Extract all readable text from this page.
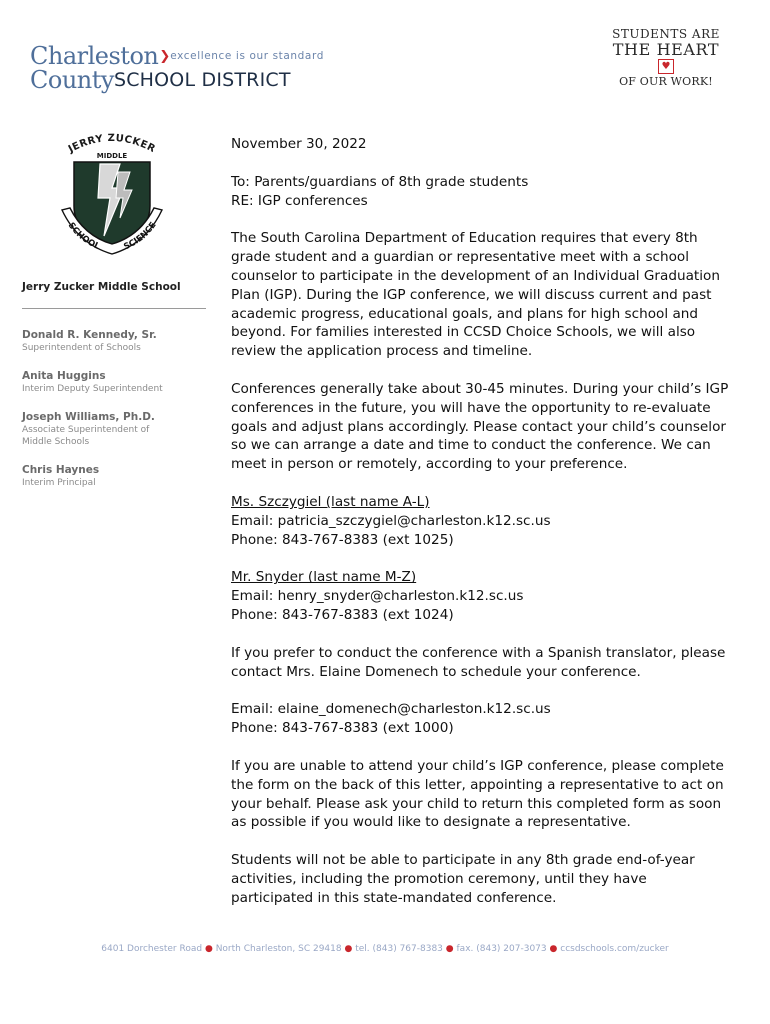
Charleston$^{❯excellence is our standard}$
CountySCHOOL DISTRICT
STUDENTS ARE
THE HEART
♥
OF OUR WORK!
JERRY ZUCKER
MIDDLE
SCHOOL SCIENCE
Jerry Zucker Middle School
Donald R. Kennedy, Sr.
Superintendent of Schools
Anita Huggins
Interim Deputy Superintendent
Joseph Williams, Ph.D.
Associate Superintendent of Middle Schools
Chris Haynes
Interim Principal

November 30, 2022

To: Parents/guardians of 8th grade students

RE: IGP conferences

The South Carolina Department of Education requires that every 8th grade student and a guardian or representative meet with a school counselor to participate in the development of an Individual Graduation Plan (IGP). During the IGP conference, we will discuss current and past academic progress, educational goals, and plans for high school and beyond. For families interested in CCSD Choice Schools, we will also review the application process and timeline.

Conferences generally take about 30-45 minutes. During your child’s IGP conferences in the future, you will have the opportunity to re-evaluate goals and adjust plans accordingly. Please contact your child’s counselor so we can arrange a date and time to conduct the conference. We can meet in person or remotely, according to your preference.

Ms. Szczygiel (last name A-L)

Email: patricia_szczygiel@charleston.k12.sc.us

Phone: 843-767-8383 (ext 1025)

Mr. Snyder (last name M-Z)

Email: henry_snyder@charleston.k12.sc.us

Phone: 843-767-8383 (ext 1024)

If you prefer to conduct the conference with a Spanish translator, please contact Mrs. Elaine Domenech to schedule your conference.

Email: elaine_domenech@charleston.k12.sc.us

Phone: 843-767-8383 (ext 1000)

If you are unable to attend your child’s IGP conference, please complete the form on the back of this letter, appointing a representative to act on your behalf. Please ask your child to return this completed form as soon as possible if you would like to designate a representative.

Students will not be able to participate in any 8th grade end-of-year activities, including the promotion ceremony, until they have participated in this state-mandated conference.

6401 Dorchester Road ● North Charleston, SC 29418 ● tel. (843) 767-8383 ● fax. (843) 207-3073 ● ccsdschools.com/zucker
